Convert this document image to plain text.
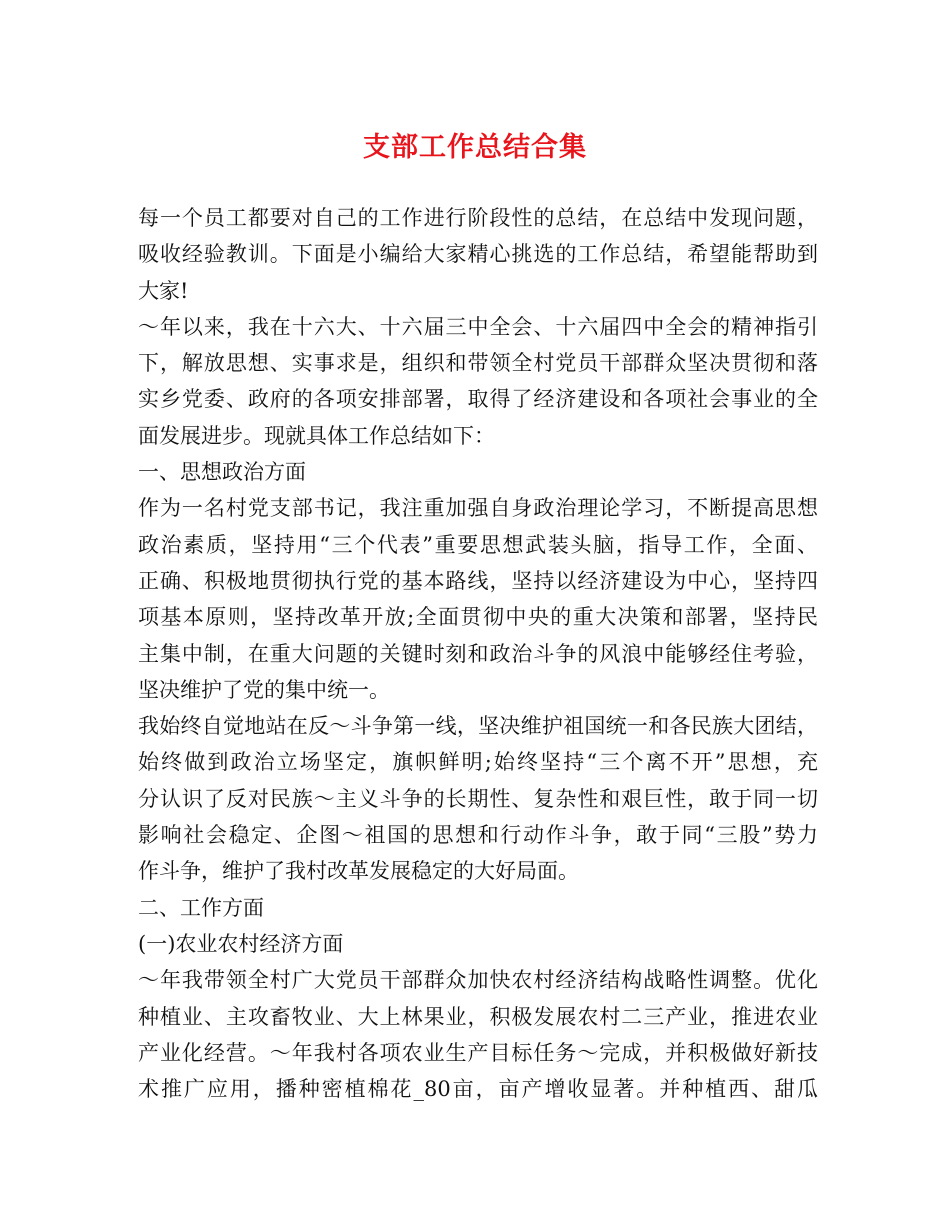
支部工作总结合集
每一个员工都要对自己的工作进行阶段性的总结，在总结中发现问题，
吸收经验教训。下面是小编给大家精心挑选的工作总结，希望能帮助到
大家!
～年以来，我在十六大、十六届三中全会、十六届四中全会的精神指引
下，解放思想、实事求是，组织和带领全村党员干部群众坚决贯彻和落
实乡党委、政府的各项安排部署，取得了经济建设和各项社会事业的全
面发展进步。现就具体工作总结如下：
一、思想政治方面
作为一名村党支部书记，我注重加强自身政治理论学习，不断提高思想
政治素质，坚持用“三个代表”重要思想武装头脑，指导工作，全面、
正确、积极地贯彻执行党的基本路线，坚持以经济建设为中心，坚持四
项基本原则，坚持改革开放;全面贯彻中央的重大决策和部署，坚持民
主集中制，在重大问题的关键时刻和政治斗争的风浪中能够经住考验，
坚决维护了党的集中统一。
我始终自觉地站在反～斗争第一线，坚决维护祖国统一和各民族大团结，
始终做到政治立场坚定，旗帜鲜明;始终坚持“三个离不开”思想，充
分认识了反对民族～主义斗争的长期性、复杂性和艰巨性，敢于同一切
影响社会稳定、企图～祖国的思想和行动作斗争，敢于同“三股”势力
作斗争，维护了我村改革发展稳定的大好局面。
二、工作方面
(一)农业农村经济方面
～年我带领全村广大党员干部群众加快农村经济结构战略性调整。优化
种植业、主攻畜牧业、大上林果业，积极发展农村二三产业，推进农业
产业化经营。～年我村各项农业生产目标任务～完成，并积极做好新技
术推广应用，播种密植棉花_80亩，亩产增收显著。并种植西、甜瓜
